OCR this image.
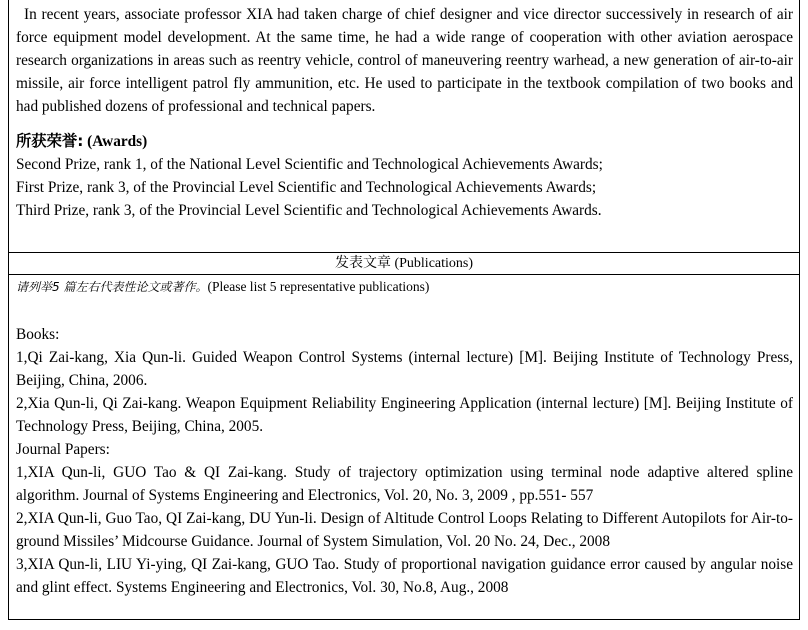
In recent years, associate professor XIA had taken charge of chief designer and vice director successively in research of air force equipment model development. At the same time, he had a wide range of cooperation with other aviation aerospace research organizations in areas such as reentry vehicle, control of maneuvering reentry warhead, a new generation of air-to-air missile, air force intelligent patrol fly ammunition, etc. He used to participate in the textbook compilation of two books and had published dozens of professional and technical papers.

所获荣誉: (Awards)

Second Prize, rank 1, of the National Level Scientific and Technological Achievements Awards;
First Prize, rank 3, of the Provincial Level Scientific and Technological Achievements Awards;
Third Prize, rank 3, of the Provincial Level Scientific and Technological Achievements Awards.
发表文章 (Publications)

请列举5 篇左右代表性论文或著作。(Please list 5 representative publications)

Books:

1,Qi Zai-kang, Xia Qun-li. Guided Weapon Control Systems (internal lecture) [M]. Beijing Institute of Technology Press, Beijing, China, 2006.

2,Xia Qun-li, Qi Zai-kang. Weapon Equipment Reliability Engineering Application (internal lecture) [M]. Beijing Institute of Technology Press, Beijing, China, 2005.

Journal Papers:

1,XIA Qun-li, GUO Tao & QI Zai-kang. Study of trajectory optimization using terminal node adaptive altered spline algorithm. Journal of Systems Engineering and Electronics, Vol. 20, No. 3, 2009 , pp.551- 557

2,XIA Qun-li, Guo Tao, QI Zai-kang, DU Yun-li. Design of Altitude Control Loops Relating to Different Autopilots for Air-to-ground Missiles’ Midcourse Guidance. Journal of System Simulation, Vol. 20 No. 24, Dec., 2008

3,XIA Qun-li, LIU Yi-ying, QI Zai-kang, GUO Tao. Study of proportional navigation guidance error caused by angular noise and glint effect. Systems Engineering and Electronics, Vol. 30, No.8, Aug., 2008
